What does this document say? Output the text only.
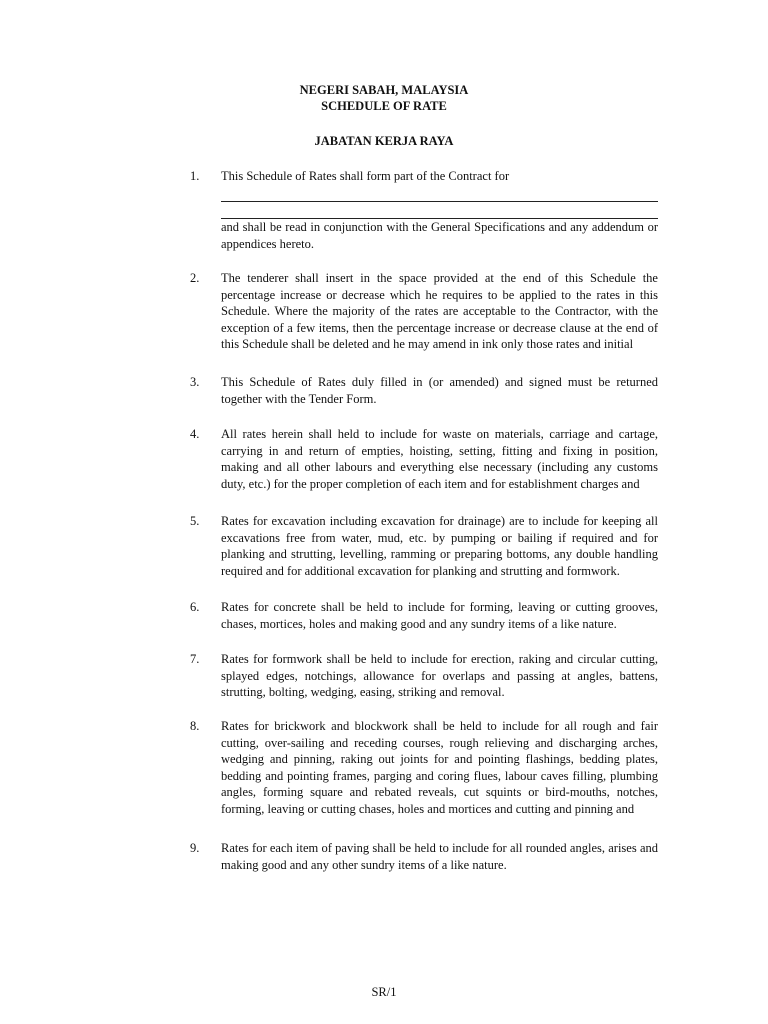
NEGERI SABAH, MALAYSIA
SCHEDULE OF RATE
JABATAN KERJA RAYA
1.	This Schedule of Rates shall form part of the Contract for
and shall be read in conjunction with the General Specifications and any addendum or appendices hereto.
2.	The tenderer shall insert in the space provided at the end of this Schedule the percentage increase or decrease which he requires to be applied to the rates in this Schedule. Where the majority of the rates are acceptable to the Contractor, with the exception of a few items, then the percentage increase or decrease clause at the end of this Schedule shall be deleted and he may amend in ink only those rates and initial
3.	This Schedule of Rates duly filled in (or amended) and signed must be returned together with the Tender Form.
4.	All rates herein shall held to include for waste on materials, carriage and cartage, carrying in and return of empties, hoisting, setting, fitting and fixing in position, making and all other labours and everything else necessary (including any customs duty, etc.) for the proper completion of each item and for establishment charges and
5.	Rates for excavation including excavation for drainage) are to include for keeping all excavations free from water, mud, etc. by pumping or bailing if required and for planking and strutting, levelling, ramming or preparing bottoms, any double handling required and for additional excavation for planking and strutting and formwork.
6.	Rates for concrete shall be held to include for forming, leaving or cutting grooves, chases, mortices, holes and making good and any sundry items of a like nature.
7.	Rates for formwork shall be held to include for erection, raking and circular cutting, splayed edges, notchings, allowance for overlaps and passing at angles, battens, strutting, bolting, wedging, easing, striking and removal.
8.	Rates for brickwork and blockwork shall be held to include for all rough and fair cutting, over-sailing and receding courses, rough relieving and discharging arches, wedging and pinning, raking out joints for and pointing flashings, bedding plates, bedding and pointing frames, parging and coring flues, labour caves filling, plumbing angles, forming square and rebated reveals, cut squints or bird-mouths, notches, forming, leaving or cutting chases, holes and mortices and cutting and pinning and
9.	Rates for each item of paving shall be held to include for all rounded angles, arises and making good and any other sundry items of a like nature.
SR/1
